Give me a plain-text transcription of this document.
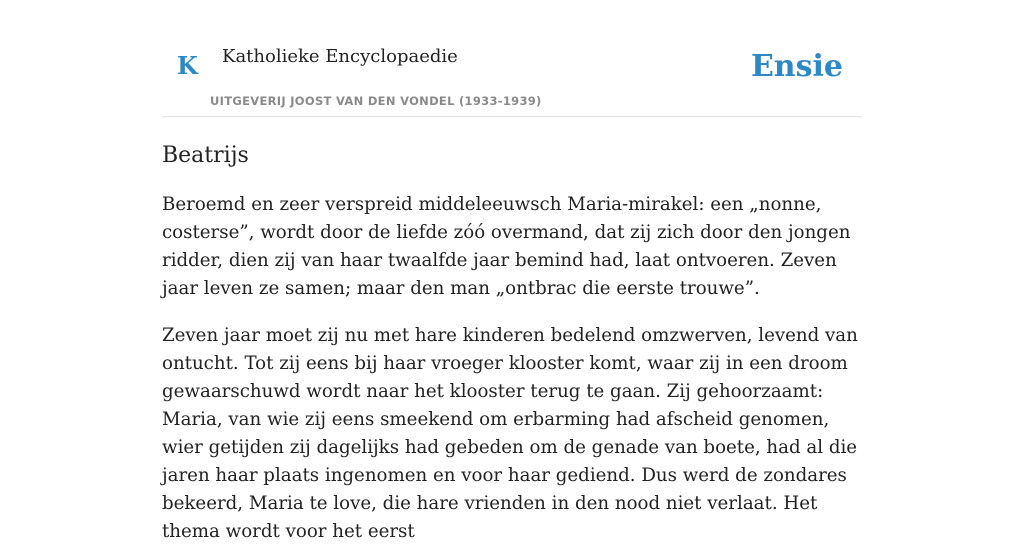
K Katholieke Encyclopaedie
UITGEVERIJ JOOST VAN DEN VONDEL (1933-1939)
Ensie
Beatrijs

Beroemd en zeer verspreid middeleeuwsch Maria-mirakel: een „nonne, costerse”, wordt door de liefde zóó overmand, dat zij zich door den jongen ridder, dien zij van haar twaalfde jaar bemind had, laat ontvoeren. Zeven jaar leven ze samen; maar den man „ontbrac die eerste trouwe”.

Zeven jaar moet zij nu met hare kinderen bedelend omzwerven, levend van ontucht. Tot zij eens bij haar vroeger klooster komt, waar zij in een droom gewaarschuwd wordt naar het klooster terug te gaan. Zij gehoorzaamt: Maria, van wie zij eens smeekend om erbarming had afscheid genomen, wier getijden zij dagelijks had gebeden om de genade van boete, had al die jaren haar plaats ingenomen en voor haar gediend. Dus werd de zondares bekeerd, Maria te love, die hare vrienden in den nood niet verlaat. Het thema wordt voor het eerst
